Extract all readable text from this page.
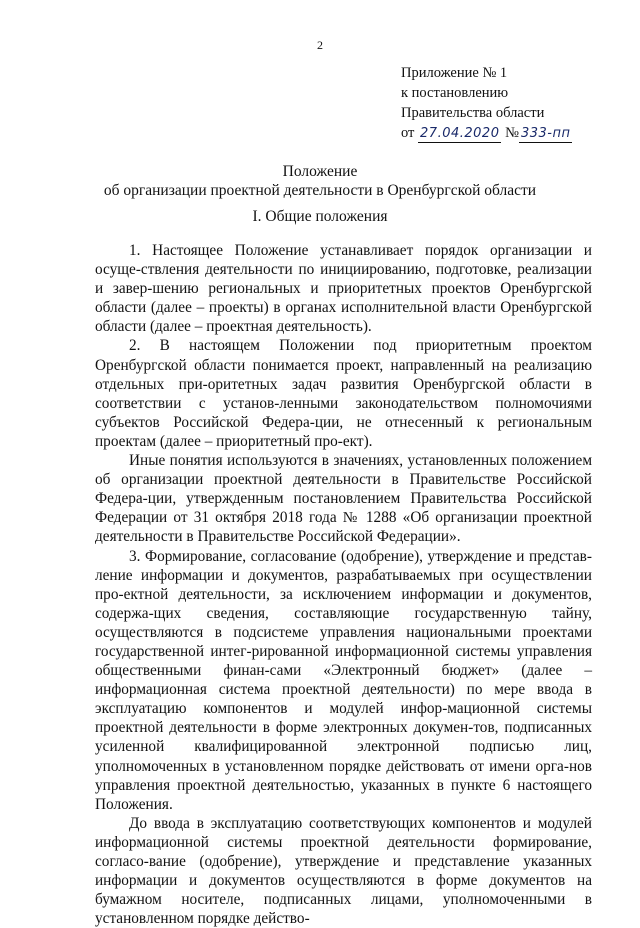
2
Приложение № 1
к постановлению
Правительства области
от 27.04.2020 № 333-пп
Положение
об организации проектной деятельности в Оренбургской области
I. Общие положения

1. Настоящее Положение устанавливает порядок организации и осуще-ствления деятельности по инициированию, подготовке, реализации и завер-шению региональных и приоритетных проектов Оренбургской области (далее – проекты) в органах исполнительной власти Оренбургской области (далее – проектная деятельность).

2. В настоящем Положении под приоритетным проектом Оренбургской области понимается проект, направленный на реализацию отдельных при-оритетных задач развития Оренбургской области в соответствии с установ-ленными законодательством полномочиями субъектов Российской Федера-ции, не отнесенный к региональным проектам (далее – приоритетный про-ект).

Иные понятия используются в значениях, установленных положением об организации проектной деятельности в Правительстве Российской Федера-ции, утвержденным постановлением Правительства Российской Федерации от 31 октября 2018 года № 1288 «Об организации проектной деятельности в Правительстве Российской Федерации».

3. Формирование, согласование (одобрение), утверждение и представ-ление информации и документов, разрабатываемых при осуществлении про-ектной деятельности, за исключением информации и документов, содержа-щих сведения, составляющие государственную тайну, осуществляются в подсистеме управления национальными проектами государственной интег-рированной информационной системы управления общественными финан-сами «Электронный бюджет» (далее – информационная система проектной деятельности) по мере ввода в эксплуатацию компонентов и модулей инфор-мационной системы проектной деятельности в форме электронных докумен-тов, подписанных усиленной квалифицированной электронной подписью лиц, уполномоченных в установленном порядке действовать от имени орга-нов управления проектной деятельностью, указанных в пункте 6 настоящего Положения.

До ввода в эксплуатацию соответствующих компонентов и модулей информационной системы проектной деятельности формирование, согласо-вание (одобрение), утверждение и представление указанных информации и документов осуществляются в форме документов на бумажном носителе, подписанных лицами, уполномоченными в установленном порядке действо-
